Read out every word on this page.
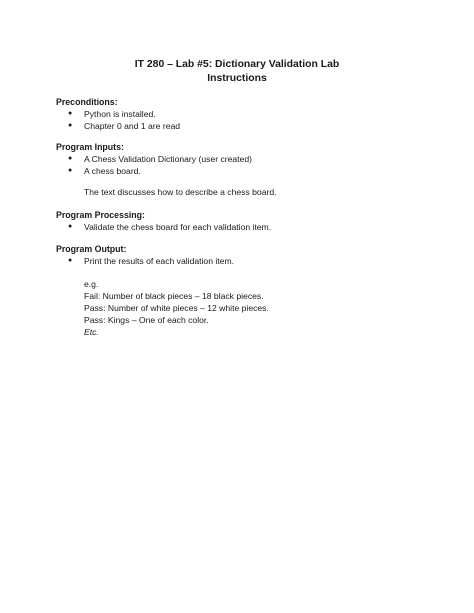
IT 280 – Lab #5: Dictionary Validation Lab
Instructions
Preconditions:
● Python is installed.
● Chapter 0 and 1 are read
Program Inputs:
● A Chess Validation Dictionary (user created)
● A chess board.
The text discusses how to describe a chess board.
Program Processing:
● Validate the chess board for each validation item.
Program Output:
● Print the results of each validation item.
e.g.
Fail: Number of black pieces – 18 black pieces.
Pass: Number of white pieces – 12 white pieces.
Pass: Kings – One of each color.
Etc.
